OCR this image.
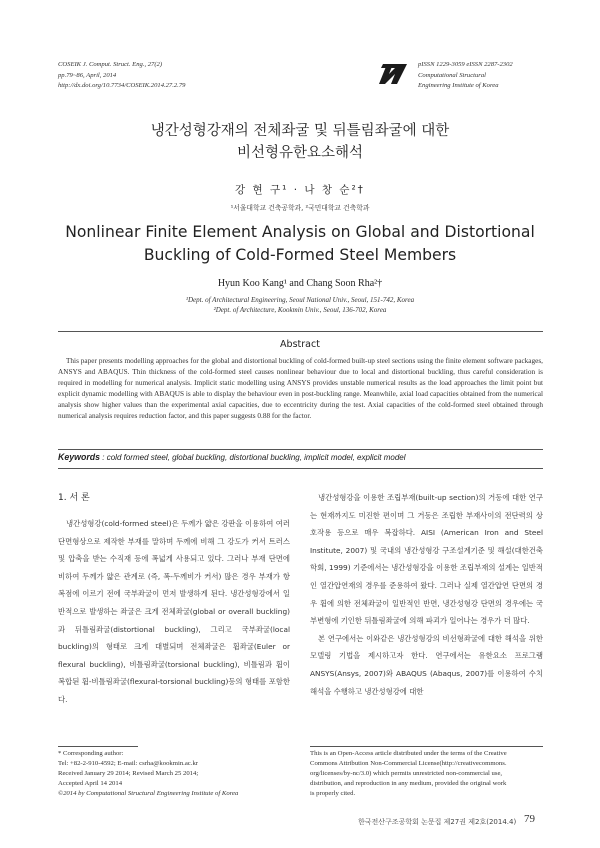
COSEIK J. Comput. Struct. Eng., 27(2)
pp.79~86, April, 2014
http://dx.doi.org/10.7734/COSEIK.2014.27.2.79
pISSN 1229-3059 eISSN 2287-2302
Computational Structural
Engineering Institute of Korea
냉간성형강재의 전체좌굴 및 뒤틀림좌굴에 대한
비선형유한요소해석
강 현 구¹ · 나 창 순²†
¹서울대학교 건축공학과, ²국민대학교 건축학과
Nonlinear Finite Element Analysis on Global and Distortional
Buckling of Cold-Formed Steel Members
Hyun Koo Kang¹ and Chang Soon Rha²†
¹Dept. of Architectural Engineering, Seoul National Univ., Seoul, 151-742, Korea
²Dept. of Architecture, Kookmin Univ., Seoul, 136-702, Korea
Abstract
This paper presents modelling approaches for the global and distortional buckling of cold-formed built-up steel sections using the finite element software packages, ANSYS and ABAQUS. Thin thickness of the cold-formed steel causes nonlinear behaviour due to local and distortional buckling, thus careful consideration is required in modelling for numerical analysis. Implicit static modelling using ANSYS provides unstable numerical results as the load approaches the limit point but explicit dynamic modelling with ABAQUS is able to display the behaviour even in post-buckling range. Meanwhile, axial load capacities obtained from the numerical analysis show higher values than the experimental axial capacities, due to eccentricity during the test. Axial capacities of the cold-formed steel obtained through numerical analysis requires reduction factor, and this paper suggests 0.88 for the factor.
Keywords : cold formed steel, global buckling, distortional buckling, implicit model, explicit model
1. 서 론

냉간성형강(cold-formed steel)은 두께가 얇은 강판을 이용하여 여러 단면형상으로 제작한 부재를 말하며 두께에 비해 그 강도가 커서 트러스 및 압축을 받는 수직재 등에 폭넓게 사용되고 있다. 그러나 부재 단면에 비하여 두께가 얇은 관계로 (즉, 폭-두께비가 커서) 많은 경우 부재가 항복점에 이르기 전에 국부좌굴이 먼저 발생하게 된다. 냉간성형강에서 일반적으로 발생하는 좌굴은 크게 전체좌굴(global or overall buckling)과 뒤틀림좌굴(distortional buckling), 그리고 국부좌굴(local buckling)의 형태로 크게 대별되며 전체좌굴은 휨좌굴(Euler or flexural buckling), 비틀림좌굴(torsional buckling), 비틀림과 휨이 복합된 휨-비틀림좌굴(flexural-torsional buckling)등의 형태를 포함한다.

냉간성형강을 이용한 조립부재(built-up section)의 거동에 대한 연구는 현재까지도 미진한 편이며 그 거동은 조립한 부재사이의 전단력의 상호작용 등으로 매우 복잡하다. AISI (American Iron and Steel Institute, 2007) 및 국내의 냉간성형강 구조설계기준 및 해설(대한건축학회, 1999) 기준에서는 냉간성형강을 이용한 조립부재의 설계는 일반적인 열간압연재의 경우를 준용하여 왔다. 그러나 실제 열간압연 단면의 경우 휨에 의한 전체좌굴이 일반적인 반면, 냉간성형강 단면의 경우에는 국부변형에 기인한 뒤틀림좌굴에 의해 파괴가 일어나는 경우가 더 많다.

본 연구에서는 이와같은 냉간성형강의 비선형좌굴에 대한 해석을 위한 모델링 기법을 제시하고자 한다. 연구에서는 유한요소 프로그램 ANSYS(Ansys, 2007)와 ABAQUS (Abaqus, 2007)를 이용하여 수치해석을 수행하고 냉간성형강에 대한

* Corresponding author:
Tel: +82-2-910-4592; E-mail: csrha@kookmin.ac.kr
Received January 29 2014; Revised March 25 2014;
Accepted April 14 2014
©2014 by Computational Structural Engineering Institute of Korea
This is an Open-Access article distributed under the terms of the Creative
Commons Attribution Non-Commercial License(http://creativecommons.
org/licenses/by-nc/3.0) which permits unrestricted non-commercial use,
distribution, and reproduction in any medium, provided the original work
is properly cited.
한국전산구조공학회 논문집 제27권 제2호(2014.4) 79
